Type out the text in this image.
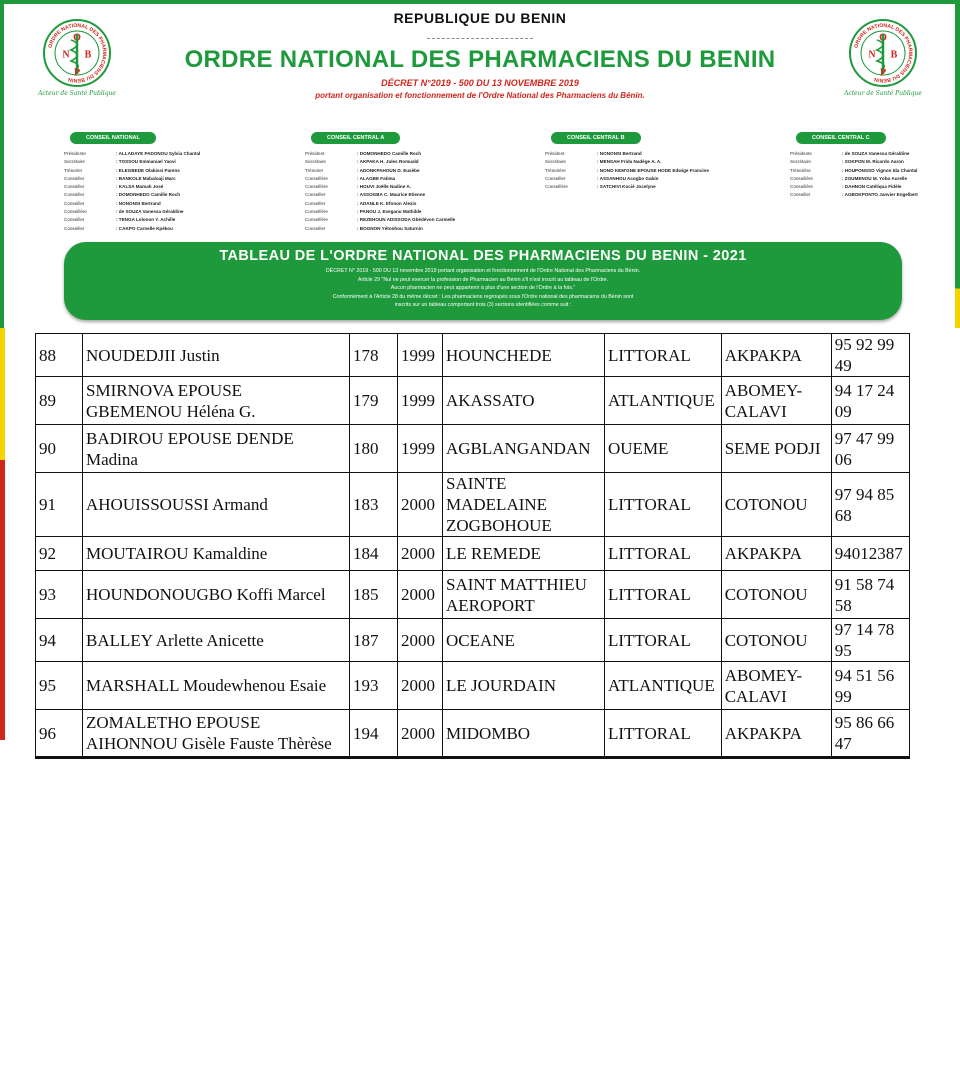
ORDRE NATIONAL DES PHARMACIENS DU BENIN
O
N B
P
Acteur de Santé Publique
ORDRE NATIONAL DES PHARMACIENS DU BENIN
O
N B
P
Acteur de Santé Publique
REPUBLIQUE DU BENIN
ORDRE NATIONAL DES PHARMACIENS DU BENIN
DÉCRET N°2019 - 500 DU 13 NOVEMBRE 2019
portant organisation et fonctionnement de l'Ordre National des Pharmaciens du Bénin.
CONSEIL NATIONAL
Présidente	: ALLADAYE PADONOU Sylvia Chantal
Secrétaire	: TOSSOU Emmanuel Yaovi
Trésorier	: ELEGBEDE Olabissi Parens
Conseiller	: BANKOLE Mabaloaji Marc
Conseiller	: KALSA Mamah José
Conseiller	: DOMONHEDO Camille Roch
Conseiller	: NONONSI Bertrand
Conseillère	: de SOUZA Vanessa Géraldine
Conseiller	: TENGA Lolonon Y. Achille
Conseiller	: CAKPO Carnelle Kpékou
CONSEIL CENTRAL A
Président	: DOMONHEDO Camille Roch
Secrétaire	: AKPAKA H. Jules Romuald
Trésorier	: ADONKPAHOUN D. Eusèbe
Conseillère	: ALAGBE Fatima
Conseillère	: HOUVI Joëlle Nadine A.
Conseiller	: ASSOGBA C. Maurice Etienne
Conseiller	: ADANLE K. Efonon Alexis
Conseillère	: PANOU J. Eseganu Mathilde
Conseillère	: REZEHOUN ADISSODA Gbédévon Carmelle
Conseiller	: BOGNON Yétonhou Saturnin
CONSEIL CENTRAL B
Président	: NONONSI Bertrand
Secrétaire	: MENSAH Frida Nadège A. A.
Trésorière	: NONO KEM'GNE EPOUSE HODE Edwige Francine
Conseiller	: ASSANHOU Acogbo Gabin
Conseillère	: SATCHIVI Kocié Jocelyne
CONSEIL CENTRAL C
Présidente	: de SOUZA Vanessa Géraldine
Secrétaire	: SOKPON M. Ricardo Aaron
Trésorière	: HOUPONSSO Vignon Ida Chantal
Conseillère	: ZOUMENOU M. Yobo Aurelle
Conseillère	: DAHNON Catéliqua Fidèle
Conseiller	: AGBOKPONTO Janvier Engelbert
TABLEAU DE L'ORDRE NATIONAL DES PHARMACIENS DU BENIN - 2021
DÉCRET N° 2019 - 500 DU 13 novembre 2019 portant organisation et fonctionnement de l'Ordre National des Pharmaciens du Bénin.
Article 29 "Nul ne peut exercer la profession de Pharmacien au Bénin s'il n'est inscrit au tableau de l'Ordre.
Aucun pharmacien ne peut appartenir à plus d'une section de l'Ordre à la fois."
Conformément à l'Article 28 du même décret : Les pharmaciens regroupés sous l'Ordre national des pharmaciens du Bénin sont
inscrits sur un tableau comportant trois (3) sections identifiées comme suit :
88	NOUDEDJII Justin	178	1999	HOUNCHEDE	LITTORAL	AKPAKPA	95 92 99 49
89	SMIRNOVA EPOUSE
GBEMENOU Héléna G.	179	1999	AKASSATO	ATLANTIQUE	ABOMEY-
CALAVI	94 17 24 09
90	BADIROU EPOUSE DENDE
Madina	180	1999	AGBLANGANDAN	OUEME	SEME PODJI	97 47 99 06
91	AHOUISSOUSSI Armand	183	2000	SAINTE MADELAINE
ZOGBOHOUE	LITTORAL	COTONOU	97 94 85 68
92	MOUTAIROU Kamaldine	184	2000	LE REMEDE	LITTORAL	AKPAKPA	94012387
93	HOUNDONOUGBO Koffi Marcel	185	2000	SAINT MATTHIEU
AEROPORT	LITTORAL	COTONOU	91 58 74 58
94	BALLEY Arlette Anicette	187	2000	OCEANE	LITTORAL	COTONOU	97 14 78 95
95	MARSHALL Moudewhenou Esaie	193	2000	LE JOURDAIN	ATLANTIQUE	ABOMEY-
CALAVI	94 51 56 99
96	ZOMALETHO EPOUSE
AIHONNOU Gisèle Fauste Thèrèse	194	2000	MIDOMBO	LITTORAL	AKPAKPA	95 86 66 47
